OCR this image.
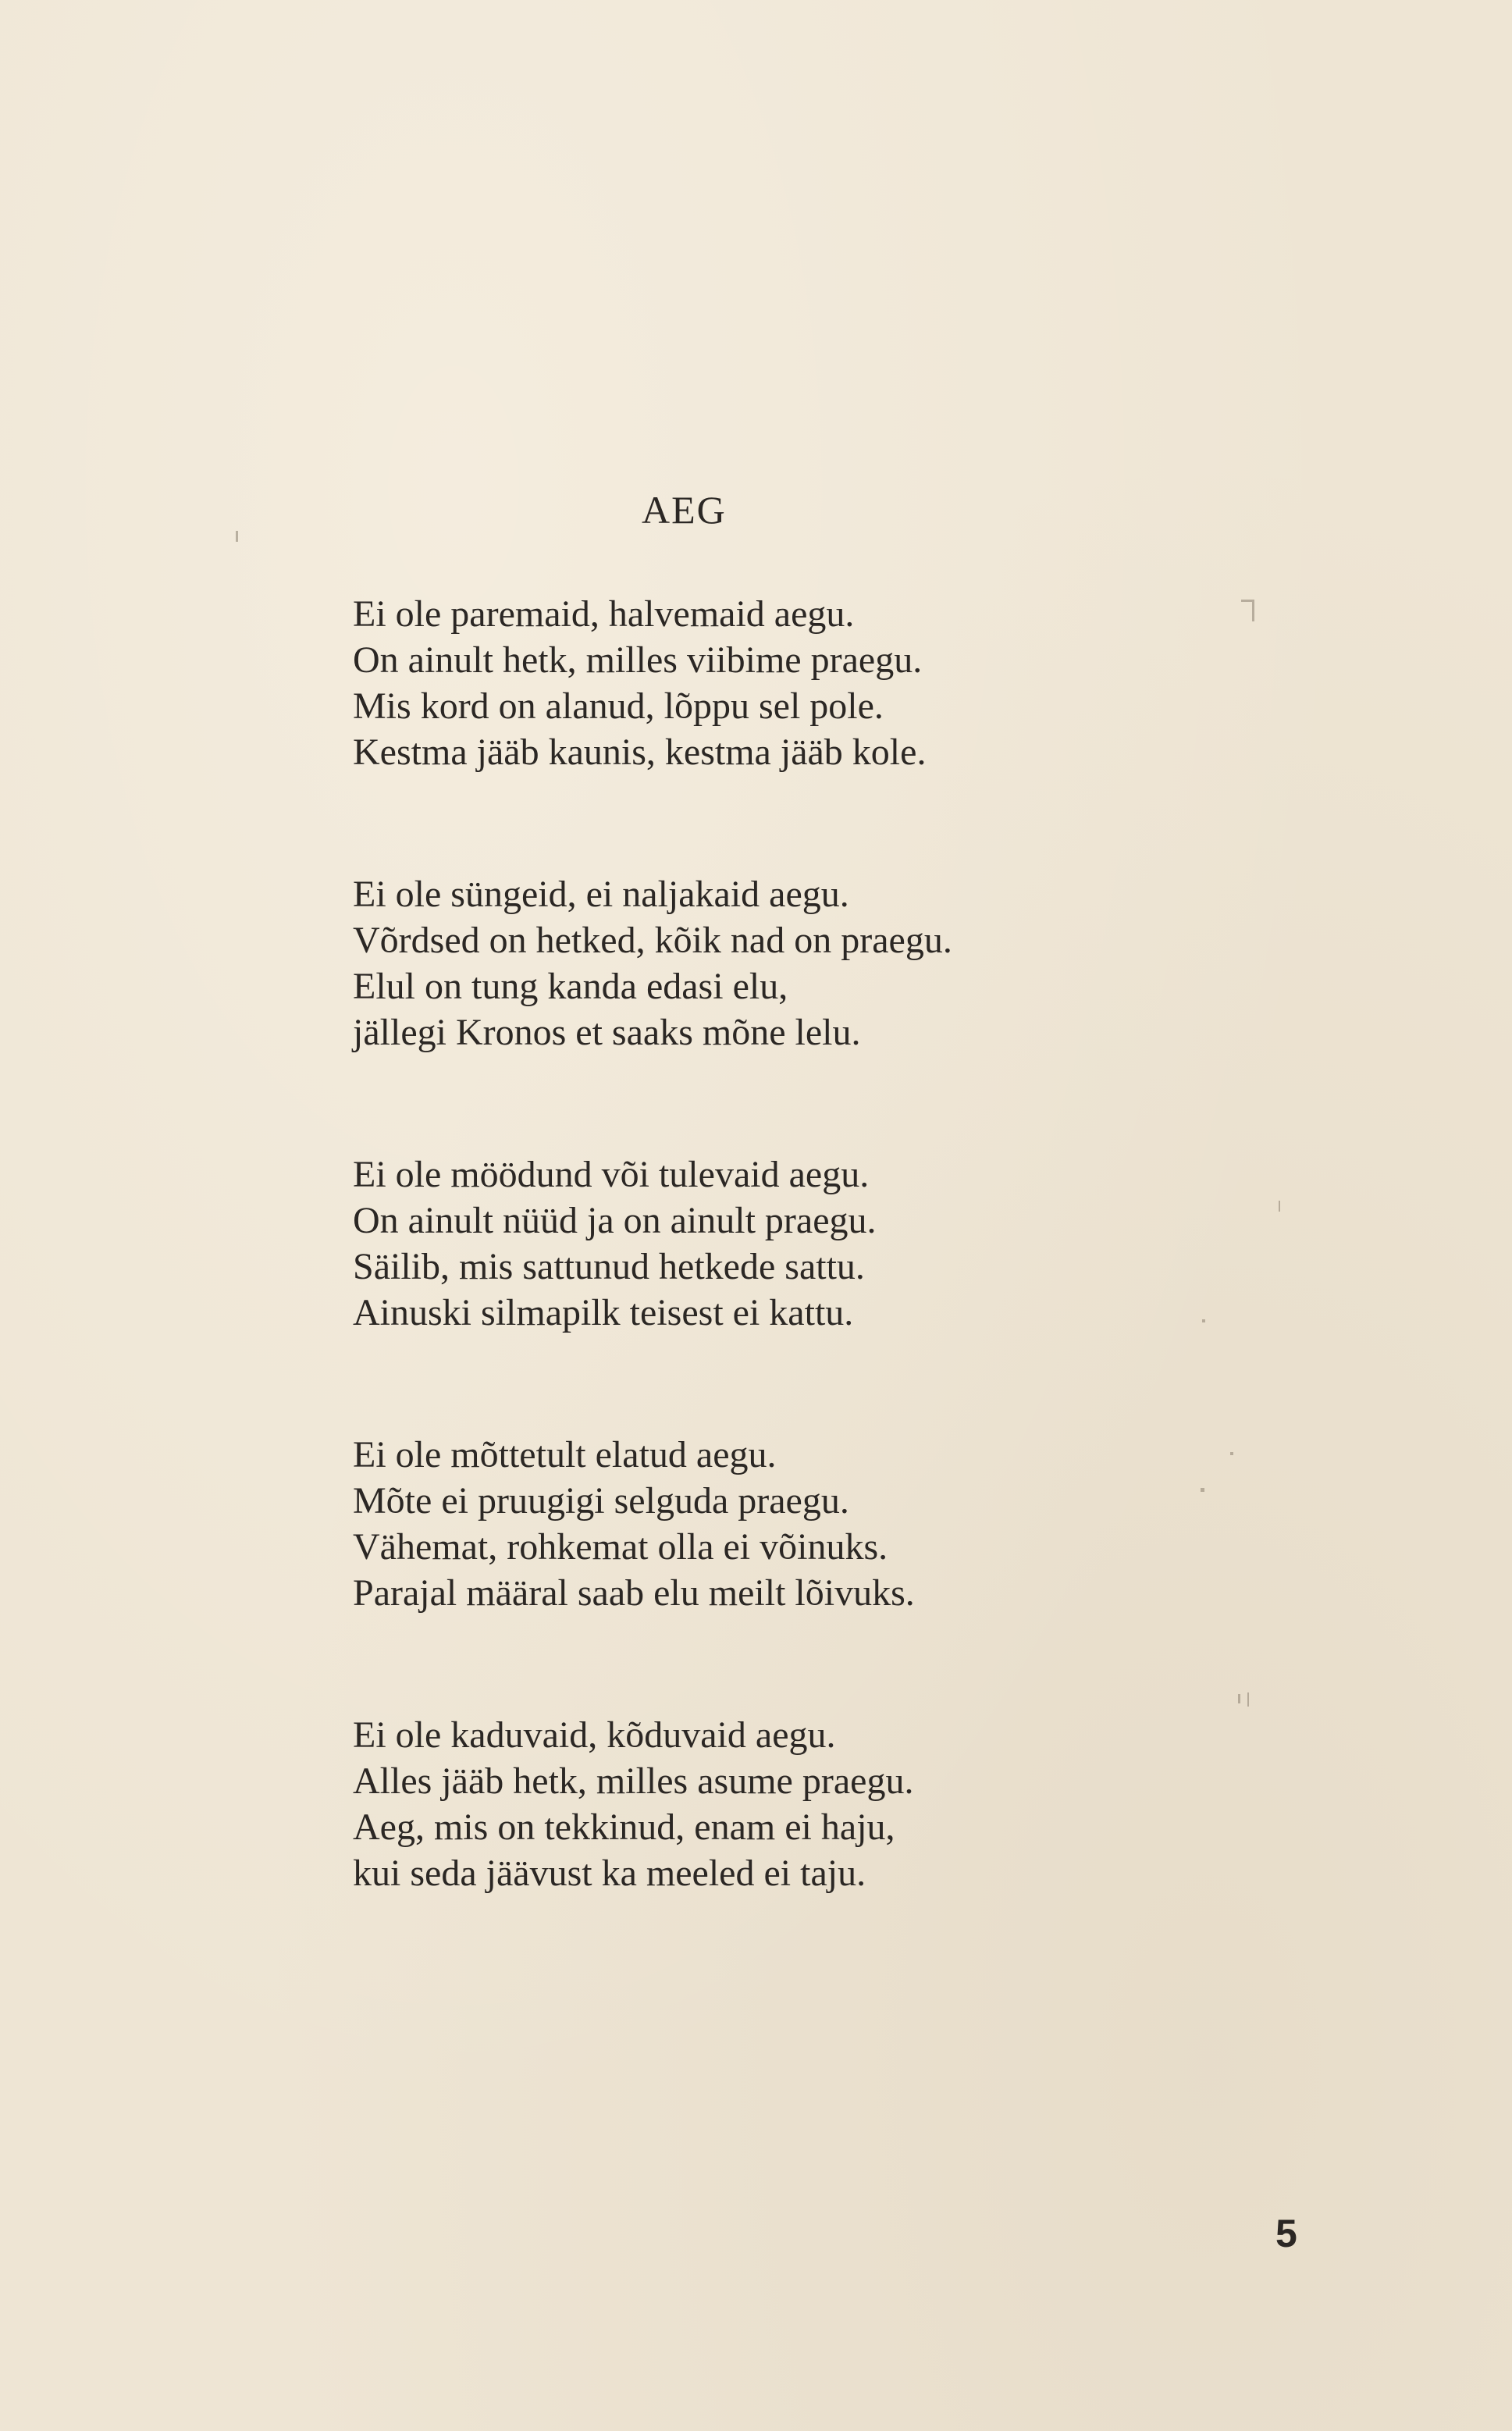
AEG
Ei ole paremaid, halvemaid aegu.
On ainult hetk, milles viibime praegu.
Mis kord on alanud, lõppu sel pole.
Kestma jääb kaunis, kestma jääb kole.
Ei ole süngeid, ei naljakaid aegu.
Võrdsed on hetked, kõik nad on praegu.
Elul on tung kanda edasi elu,
jällegi Kronos et saaks mõne lelu.
Ei ole möödund või tulevaid aegu.
On ainult nüüd ja on ainult praegu.
Säilib, mis sattunud hetkede sattu.
Ainuski silmapilk teisest ei kattu.
Ei ole mõttetult elatud aegu.
Mõte ei pruugigi selguda praegu.
Vähemat, rohkemat olla ei võinuks.
Parajal määral saab elu meilt lõivuks.
Ei ole kaduvaid, kõduvaid aegu.
Alles jääb hetk, milles asume praegu.
Aeg, mis on tekkinud, enam ei haju,
kui seda jäävust ka meeled ei taju.
5
